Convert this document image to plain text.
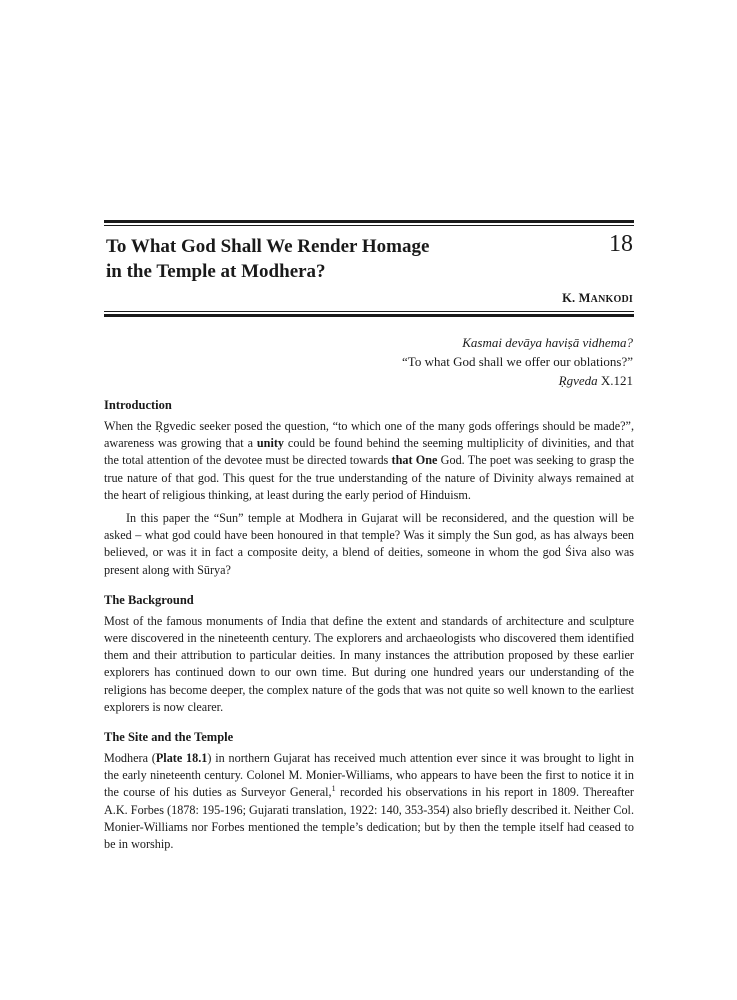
To What God Shall We Render Homage
in the Temple at Modhera?
18
K. MANKODI
Kasmai devāya haviṣā vidhema?
“To what God shall we offer our oblations?”
Ṛgveda X.121
Introduction

When the Ṛgvedic seeker posed the question, “to which one of the many gods offerings should be made?”, awareness was growing that a unity could be found behind the seeming multiplicity of divinities, and that the total attention of the devotee must be directed towards that One God. The poet was seeking to grasp the true nature of that god. This quest for the true understanding of the nature of Divinity always remained at the heart of religious thinking, at least during the early period of Hinduism.

In this paper the “Sun” temple at Modhera in Gujarat will be reconsidered, and the question will be asked – what god could have been honoured in that temple? Was it simply the Sun god, as has always been believed, or was it in fact a composite deity, a blend of deities, someone in whom the god Śiva also was present along with Sūrya?

The Background

Most of the famous monuments of India that define the extent and standards of architecture and sculpture were discovered in the nineteenth century. The explorers and archaeologists who discovered them identified them and their attribution to particular deities. In many instances the attribution proposed by these earlier explorers has continued down to our own time. But during one hundred years our understanding of the religions has become deeper, the complex nature of the gods that was not quite so well known to the earliest explorers is now clearer.

The Site and the Temple

Modhera (Plate 18.1) in northern Gujarat has received much attention ever since it was brought to light in the early nineteenth century. Colonel M. Monier-Williams, who appears to have been the first to notice it in the course of his duties as Surveyor General,$^1$ recorded his observations in his report in 1809. Thereafter A.K. Forbes (1878: 195-196; Gujarati translation, 1922: 140, 353-354) also briefly described it. Neither Col. Monier-Williams nor Forbes mentioned the temple’s dedication; but by then the temple itself had ceased to be in worship.
